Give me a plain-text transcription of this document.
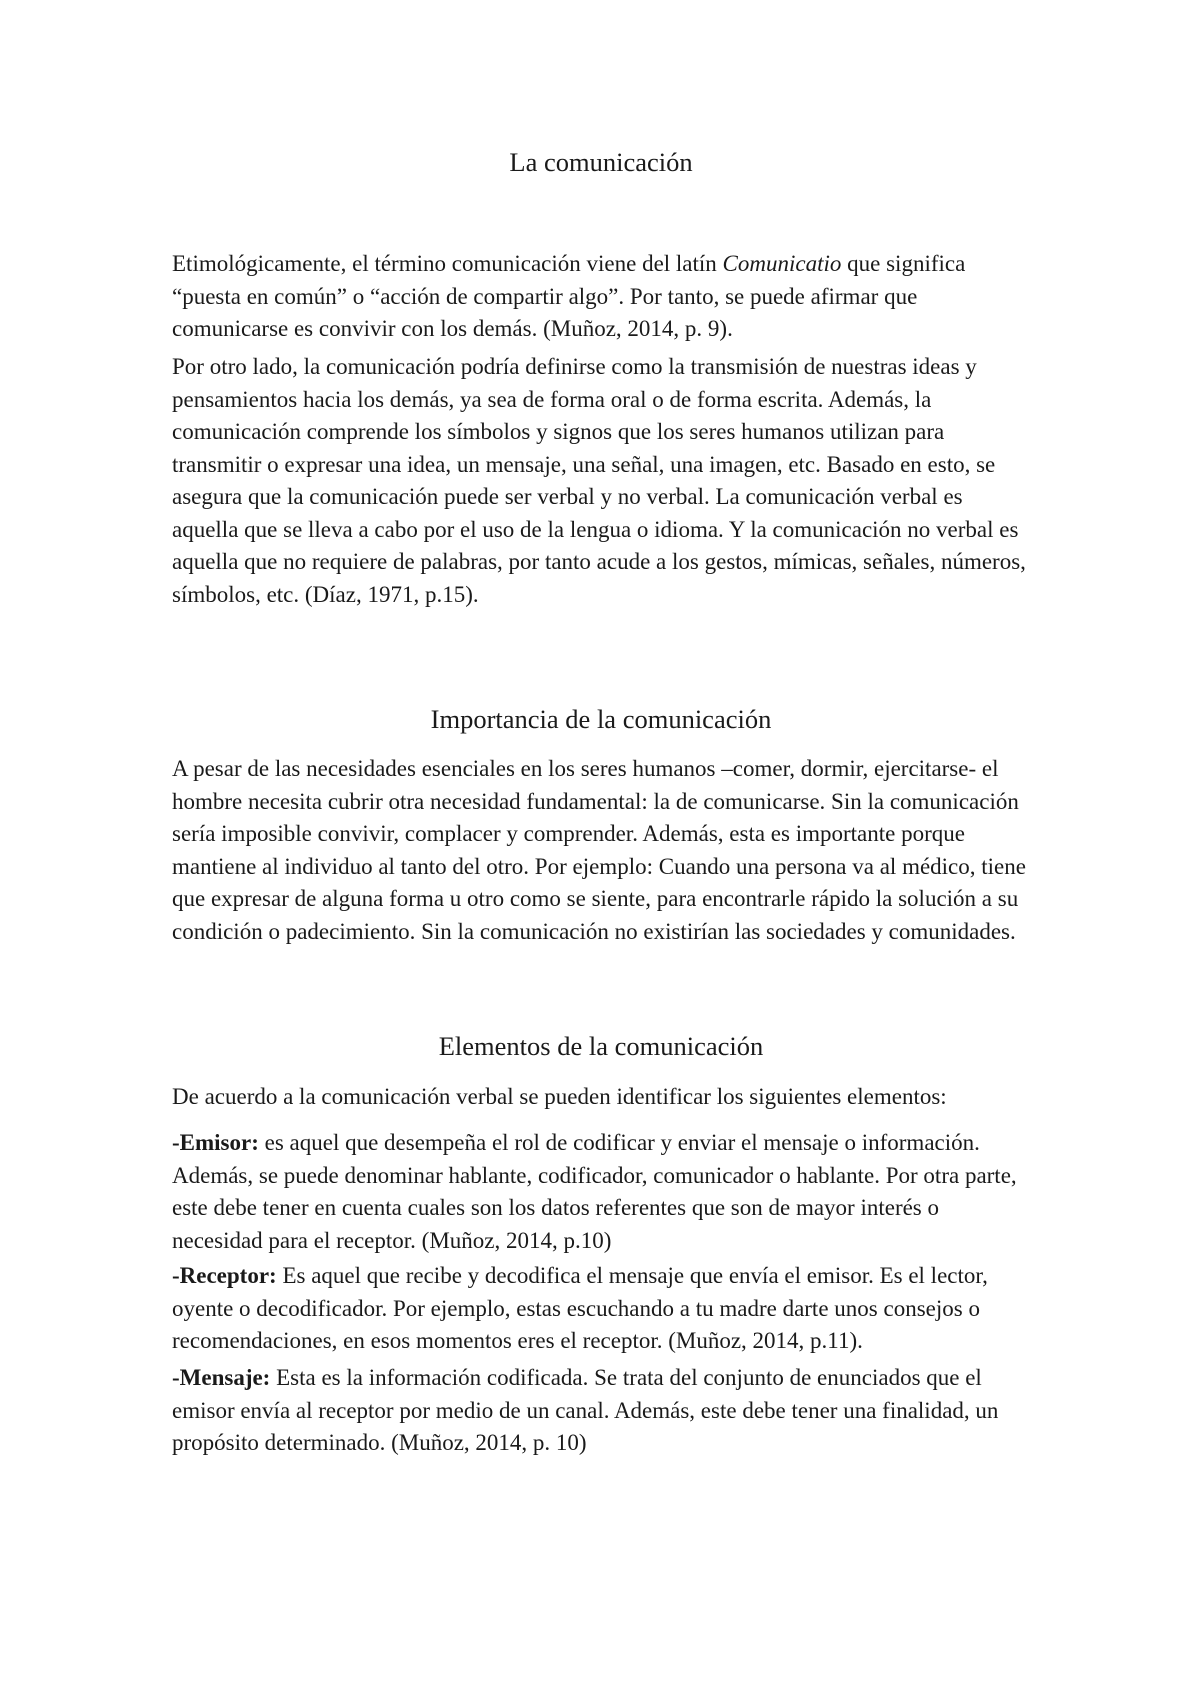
La comunicación

Etimológicamente, el término comunicación viene del latín Comunicatio que significa “puesta en común” o “acción de compartir algo”. Por tanto, se puede afirmar que comunicarse es convivir con los demás. (Muñoz, 2014, p. 9).

Por otro lado, la comunicación podría definirse como la transmisión de nuestras ideas y pensamientos hacia los demás, ya sea de forma oral o de forma escrita. Además, la comunicación comprende los símbolos y signos que los seres humanos utilizan para transmitir o expresar una idea, un mensaje, una señal, una imagen, etc. Basado en esto, se asegura que la comunicación puede ser verbal y no verbal. La comunicación verbal es aquella que se lleva a cabo por el uso de la lengua o idioma. Y la comunicación no verbal es aquella que no requiere de palabras, por tanto acude a los gestos, mímicas, señales, números, símbolos, etc. (Díaz, 1971, p.15).

Importancia de la comunicación

A pesar de las necesidades esenciales en los seres humanos –comer, dormir, ejercitarse- el hombre necesita cubrir otra necesidad fundamental: la de comunicarse. Sin la comunicación sería imposible convivir, complacer y comprender. Además, esta es importante porque mantiene al individuo al tanto del otro. Por ejemplo: Cuando una persona va al médico, tiene que expresar de alguna forma u otro como se siente, para encontrarle rápido la solución a su condición o padecimiento. Sin la comunicación no existirían las sociedades y comunidades.

Elementos de la comunicación

De acuerdo a la comunicación verbal se pueden identificar los siguientes elementos:

-Emisor: es aquel que desempeña el rol de codificar y enviar el mensaje o información. Además, se puede denominar hablante, codificador, comunicador o hablante. Por otra parte, este debe tener en cuenta cuales son los datos referentes que son de mayor interés o necesidad para el receptor. (Muñoz, 2014, p.10)

-Receptor: Es aquel que recibe y decodifica el mensaje que envía el emisor. Es el lector, oyente o decodificador. Por ejemplo, estas escuchando a tu madre darte unos consejos o recomendaciones, en esos momentos eres el receptor. (Muñoz, 2014, p.11).

-Mensaje: Esta es la información codificada. Se trata del conjunto de enunciados que el emisor envía al receptor por medio de un canal. Además, este debe tener una finalidad, un propósito determinado. (Muñoz, 2014, p. 10)
